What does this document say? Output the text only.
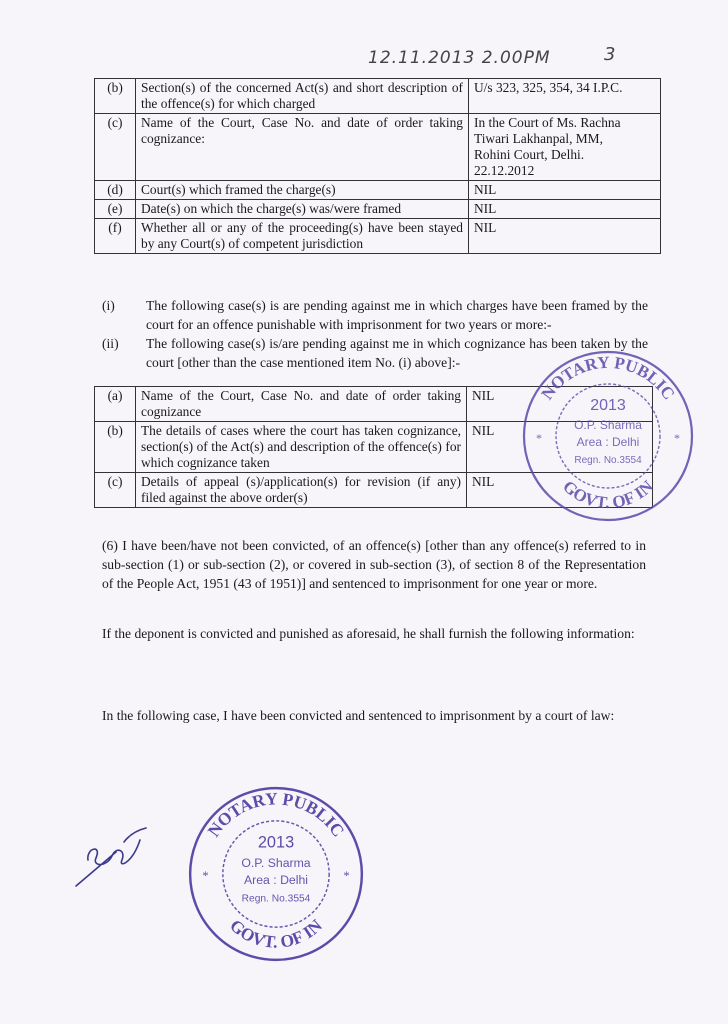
12.11.2013 2.00PM	3
(b)	Section(s) of the concerned Act(s) and short description of the offence(s) for which charged	U/s 323, 325, 354, 34 I.P.C.
(c)	Name of the Court, Case No. and date of order taking cognizance:	In the Court of Ms. Rachna
Tiwari Lakhanpal, MM,
Rohini Court, Delhi.
22.12.2012
(d)	Court(s) which framed the charge(s)	NIL
(e)	Date(s) on which the charge(s) was/were framed	NIL
(f)	Whether all or any of the proceeding(s) have been stayed by any Court(s) of competent jurisdiction	NIL
(i) The following case(s) is are pending against me in which charges have been framed by the court for an offence punishable with imprisonment for two years or more:-
(ii) The following case(s) is/are pending against me in which cognizance has been taken by the court [other than the case mentioned item No. (i) above]:-
(a)	Name of the Court, Case No. and date of order taking cognizance	NIL
(b)	The details of cases where the court has taken cognizance, section(s) of the Act(s) and description of the offence(s) for which cognizance taken	NIL
(c)	Details of appeal (s)/application(s) for revision (if any) filed against the above order(s)	NIL
(6) I have been/have not been convicted, of an offence(s) [other than any offence(s) referred to in sub-section (1) or sub-section (2), or covered in sub-section (3), of section 8 of the Representation of the People Act, 1951 (43 of 1951)] and sentenced to imprisonment for one year or more.
If the deponent is convicted and punished as aforesaid, he shall furnish the following information:
In the following case, I have been convicted and sentenced to imprisonment by a court of law:
NOTARY PUBLIC
GOVT. OF IN
2013
O.P. Sharma
Area : Delhi
Regn. No.3554
*	*
NOTARY PUBLIC
GOVT. OF IN
2013
O.P. Sharma
Area : Delhi
Regn. No.3554
*	*
